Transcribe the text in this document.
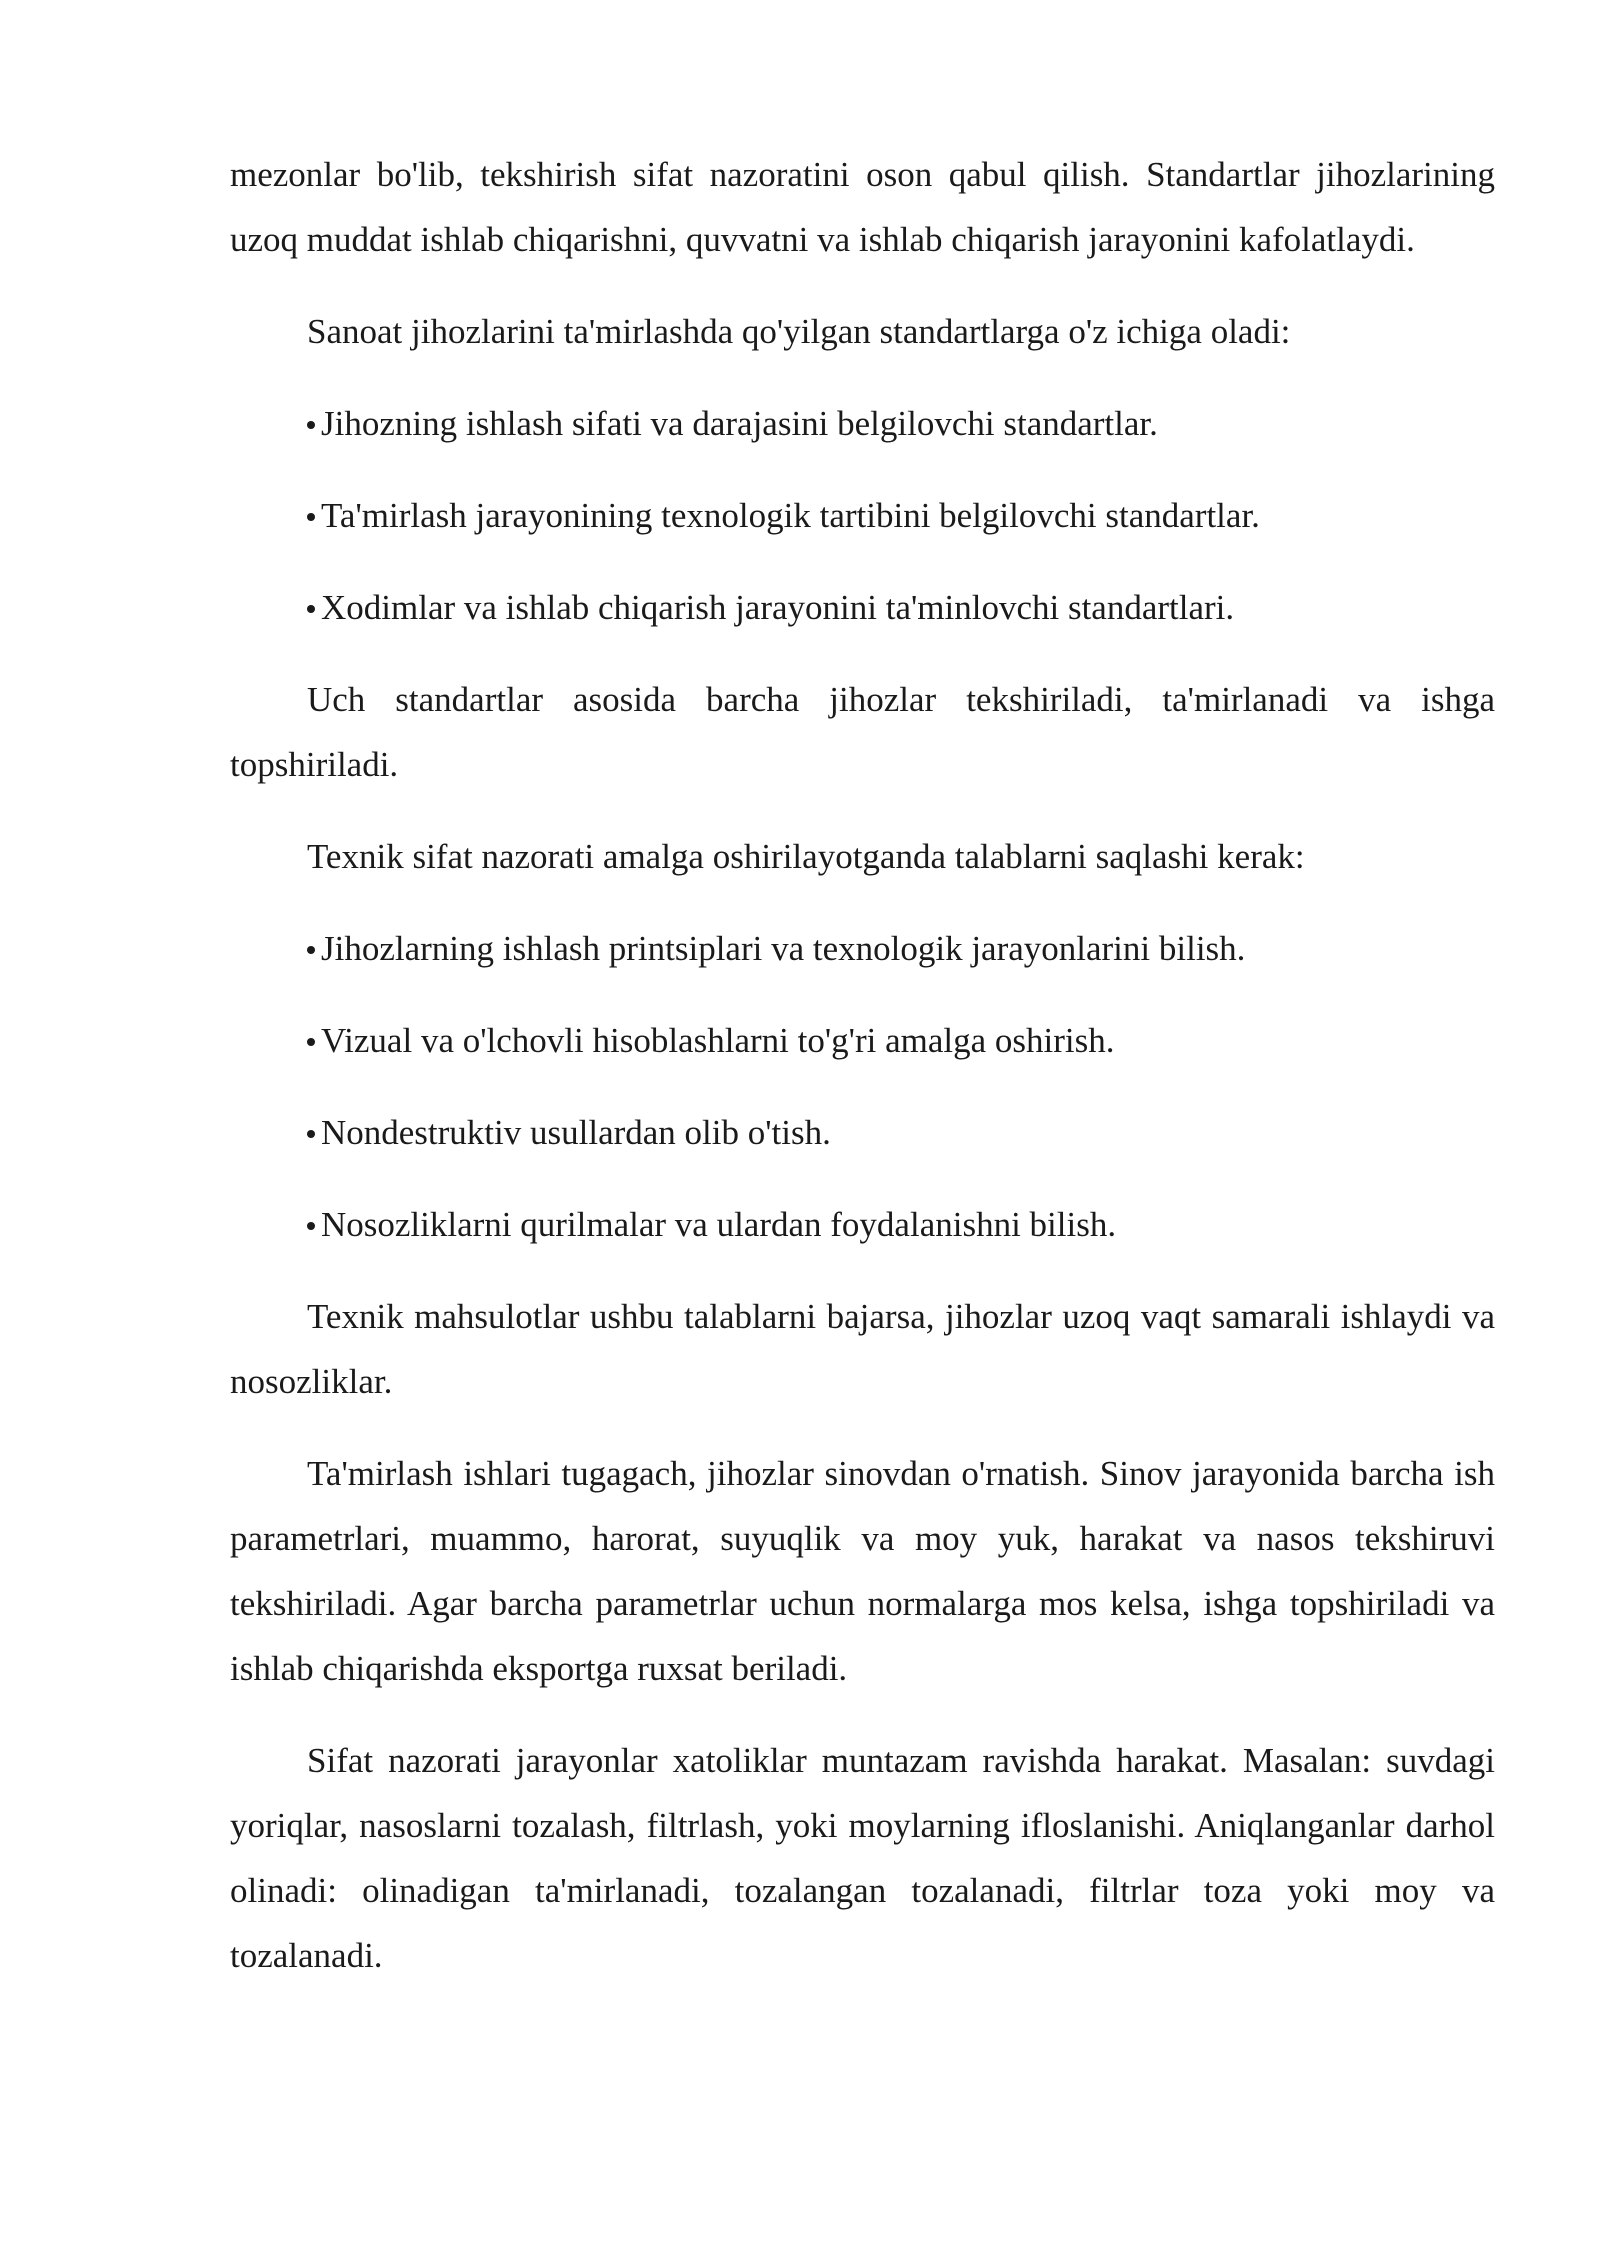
mezonlar bo'lib, tekshirish sifat nazoratini oson qabul qilish. Standartlar jihozlarining uzoq muddat ishlab chiqarishni, quvvatni va ishlab chiqarish jarayonini kafolatlaydi.

Sanoat jihozlarini ta'mirlashda qo'yilgan standartlarga o'z ichiga oladi:

Jihozning ishlash sifati va darajasini belgilovchi standartlar.

Ta'mirlash jarayonining texnologik tartibini belgilovchi standartlar.

Xodimlar va ishlab chiqarish jarayonini ta'minlovchi standartlari.

Uch standartlar asosida barcha jihozlar tekshiriladi, ta'mirlanadi va ishga topshiriladi.

Texnik sifat nazorati amalga oshirilayotganda talablarni saqlashi kerak:

Jihozlarning ishlash printsiplari va texnologik jarayonlarini bilish.

Vizual va o'lchovli hisoblashlarni to'g'ri amalga oshirish.

Nondestruktiv usullardan olib o'tish.

Nosozliklarni qurilmalar va ulardan foydalanishni bilish.

Texnik mahsulotlar ushbu talablarni bajarsa, jihozlar uzoq vaqt samarali ishlaydi va nosozliklar.

Ta'mirlash ishlari tugagach, jihozlar sinovdan o'rnatish. Sinov jarayonida barcha ish parametrlari, muammo, harorat, suyuqlik va moy yuk, harakat va nasos tekshiruvi tekshiriladi. Agar barcha parametrlar uchun normalarga mos kelsa, ishga topshiriladi va ishlab chiqarishda eksportga ruxsat beriladi.

Sifat nazorati jarayonlar xatoliklar muntazam ravishda harakat. Masalan: suvdagi yoriqlar, nasoslarni tozalash, filtrlash, yoki moylarning ifloslanishi. Aniqlanganlar darhol olinadi: olinadigan ta'mirlanadi, tozalangan tozalanadi, filtrlar toza yoki moy va tozalanadi.
